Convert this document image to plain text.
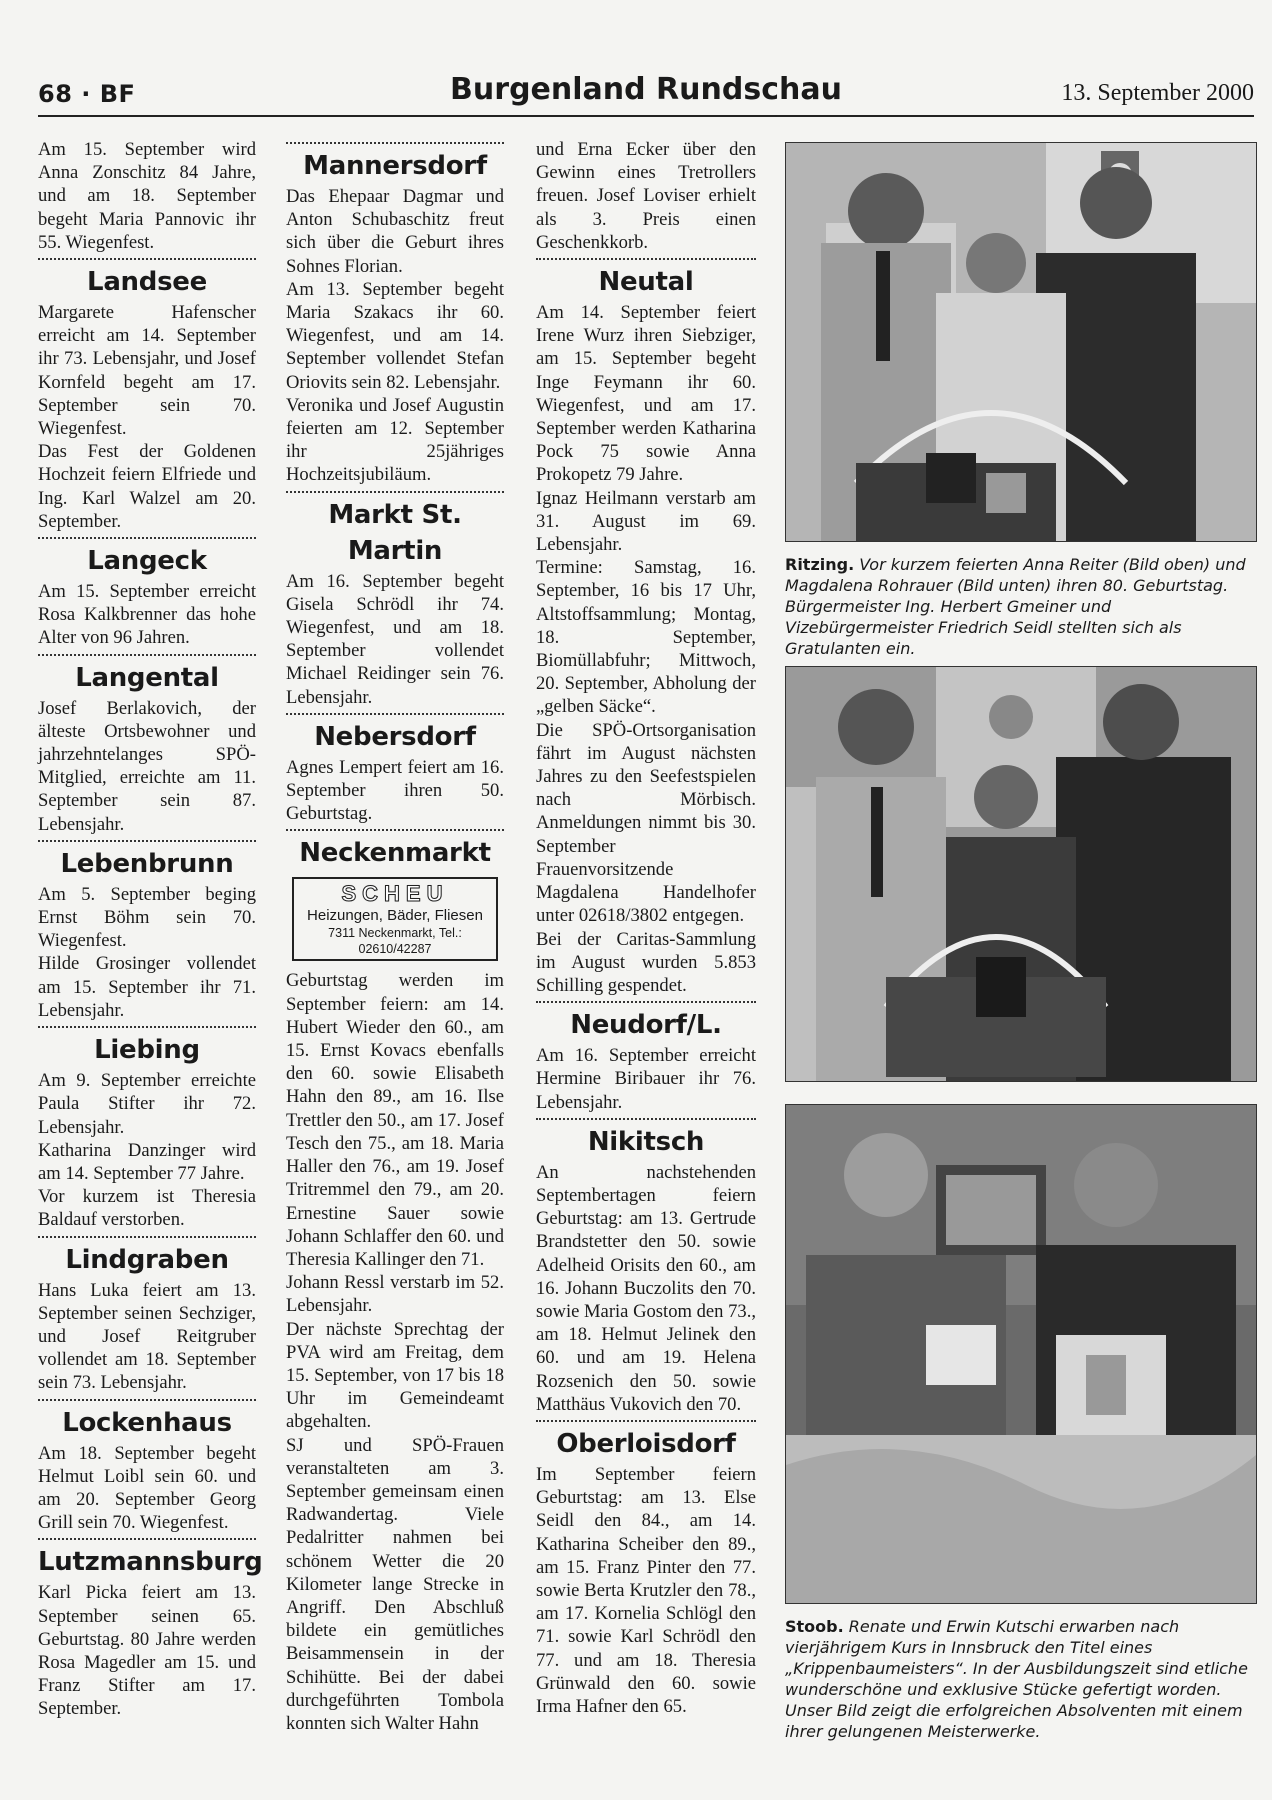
68 · BF	Burgenland Rundschau	13. September 2000

Am 15. September wird Anna Zonschitz 84 Jahre, und am 18. September begeht Maria Pannovic ihr 55. Wiegenfest.

Landsee

Margarete Hafenscher erreicht am 14. September ihr 73. Lebensjahr, und Josef Kornfeld begeht am 17. September sein 70. Wiegenfest.

Das Fest der Goldenen Hochzeit feiern Elfriede und Ing. Karl Walzel am 20. September.

Langeck

Am 15. September erreicht Rosa Kalkbrenner das hohe Alter von 96 Jahren.

Langental

Josef Berlakovich, der älteste Ortsbewohner und jahrzehntelanges SPÖ-Mitglied, erreichte am 11. September sein 87. Lebensjahr.

Lebenbrunn

Am 5. September beging Ernst Böhm sein 70. Wiegenfest.

Hilde Grosinger vollendet am 15. September ihr 71. Lebensjahr.

Liebing

Am 9. September erreichte Paula Stifter ihr 72. Lebensjahr.

Katharina Danzinger wird am 14. September 77 Jahre.

Vor kurzem ist Theresia Baldauf verstorben.

Lindgraben

Hans Luka feiert am 13. September seinen Sechziger, und Josef Reitgruber vollendet am 18. September sein 73. Lebensjahr.

Lockenhaus

Am 18. September begeht Helmut Loibl sein 60. und am 20. September Georg Grill sein 70. Wiegenfest.

Lutzmannsburg

Karl Picka feiert am 13. September seinen 65. Geburtstag. 80 Jahre werden Rosa Magedler am 15. und Franz Stifter am 17. September.

Mannersdorf

Das Ehepaar Dagmar und Anton Schubaschitz freut sich über die Geburt ihres Sohnes Florian.

Am 13. September begeht Maria Szakacs ihr 60. Wiegenfest, und am 14. September vollendet Stefan Oriovits sein 82. Lebensjahr.

Veronika und Josef Augustin feierten am 12. September ihr 25jähriges Hochzeitsjubiläum.

Markt St. Martin

Am 16. September begeht Gisela Schrödl ihr 74. Wiegenfest, und am 18. September vollendet Michael Reidinger sein 76. Lebensjahr.

Nebersdorf

Agnes Lempert feiert am 16. September ihren 50. Geburtstag.

Neckenmarkt
SCHEU
Heizungen, Bäder, Fliesen
7311 Neckenmarkt, Tel.: 02610/42287

Geburtstag werden im September feiern: am 14. Hubert Wieder den 60., am 15. Ernst Kovacs ebenfalls den 60. sowie Elisabeth Hahn den 89., am 16. Ilse Trettler den 50., am 17. Josef Tesch den 75., am 18. Maria Haller den 76., am 19. Josef Tritremmel den 79., am 20. Ernestine Sauer sowie Johann Schlaffer den 60. und Theresia Kallinger den 71.

Johann Ressl verstarb im 52. Lebensjahr.

Der nächste Sprechtag der PVA wird am Freitag, dem 15. September, von 17 bis 18 Uhr im Gemeindeamt abgehalten.

SJ und SPÖ-Frauen veranstalteten am 3. September gemeinsam einen Radwandertag. Viele Pedalritter nahmen bei schönem Wetter die 20 Kilometer lange Strecke in Angriff. Den Abschluß bildete ein gemütliches Beisammensein in der Schihütte. Bei der dabei durchgeführten Tombola konnten sich Walter Hahn

und Erna Ecker über den Gewinn eines Tretrollers freuen. Josef Loviser erhielt als 3. Preis einen Geschenkkorb.

Neutal

Am 14. September feiert Irene Wurz ihren Siebziger, am 15. September begeht Inge Feymann ihr 60. Wiegenfest, und am 17. September werden Katharina Pock 75 sowie Anna Prokopetz 79 Jahre.

Ignaz Heilmann verstarb am 31. August im 69. Lebensjahr.

Termine: Samstag, 16. September, 16 bis 17 Uhr, Altstoffsammlung; Montag, 18. September, Biomüllabfuhr; Mittwoch, 20. September, Abholung der „gelben Säcke“.

Die SPÖ-Ortsorganisation fährt im August nächsten Jahres zu den Seefestspielen nach Mörbisch. Anmeldungen nimmt bis 30. September Frauenvorsitzende Magdalena Handelhofer unter 02618/3802 entgegen.

Bei der Caritas-Sammlung im August wurden 5.853 Schilling gespendet.

Neudorf/L.

Am 16. September erreicht Hermine Biribauer ihr 76. Lebensjahr.

Nikitsch

An nachstehenden Septembertagen feiern Geburtstag: am 13. Gertrude Brandstetter den 50. sowie Adelheid Orisits den 60., am 16. Johann Buczolits den 70. sowie Maria Gostom den 73., am 18. Helmut Jelinek den 60. und am 19. Helena Rozsenich den 50. sowie Matthäus Vukovich den 70.

Oberloisdorf

Im September feiern Geburtstag: am 13. Else Seidl den 84., am 14. Katharina Scheiber den 89., am 15. Franz Pinter den 77. sowie Berta Krutzler den 78., am 17. Kornelia Schlögl den 71. sowie Karl Schrödl den 77. und am 18. Theresia Grünwald den 60. sowie Irma Hafner den 65.

Ritzing. Vor kurzem feierten Anna Reiter (Bild oben) und Magdalena Rohrauer (Bild unten) ihren 80. Geburtstag. Bürgermeister Ing. Herbert Gmeiner und Vizebürgermeister Friedrich Seidl stellten sich als Gratulanten ein.
Stoob. Renate und Erwin Kutschi erwarben nach vierjährigem Kurs in Innsbruck den Titel eines „Krippenbaumeisters“. In der Ausbildungszeit sind etliche wunderschöne und exklusive Stücke gefertigt worden. Unser Bild zeigt die erfolgreichen Absolventen mit einem ihrer gelungenen Meisterwerke.
